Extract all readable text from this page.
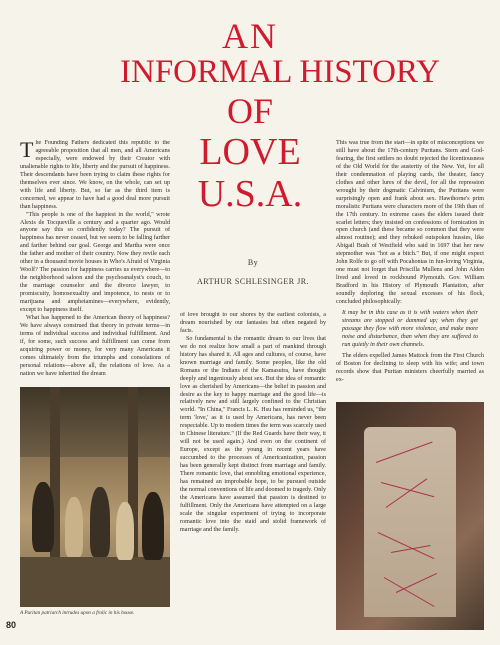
AN
INFORMAL HISTORY
OF
LOVE
U.S.A.
By
ARTHUR SCHLESINGER JR.

The Founding Fathers dedicated this republic to the agreeable proposition that all men, and all Americans especially, were endowed by their Creator with unalienable rights to life, liberty and the pursuit of happiness. Their descendants have been trying to claim these rights for themselves ever since. We know, on the whole, can set up with life and liberty. But, so far as the third item is concerned, we appear to have had a good deal more pursuit than happiness.

"This people is one of the happiest in the world," wrote Alexis de Tocqueville a century and a quarter ago. Would anyone say this so confidently today? The pursuit of happiness has never ceased, but we seem to be falling farther and farther behind our goal. George and Martha were once the father and mother of their country. Now they revile each other in a thousand movie houses in Who's Afraid of Virginia Woolf? The passion for happiness carries us everywhere—to the neighborhood saloon and the psychoanalyst's couch, to the marriage counselor and the divorce lawyer, to promiscuity, homosexuality and impotence, to nests or to marijuana and amphetamines—everywhere, evidently, except to happiness itself.

What has happened to the American theory of happiness? We have always construed that theory in private terms—in terms of individual success and individual fulfillment. And if, for some, such success and fulfillment can come from acquiring power or money, for very many Americans it comes ultimately from the triumphs and consolations of personal relations—above all, the relations of love. As a nation we have inherited the dream

of love brought to our shores by the earliest colonists, a dream nourished by our fantasies but often negated by facts.

So fundamental is the romantic dream to our lives that we do not realize how small a part of mankind through history has shared it. All ages and cultures, of course, have known marriage and family. Some peoples, like the old Romans or the Indians of the Kamasutra, have thought deeply and ingeniously about sex. But the idea of romantic love as cherished by Americans—the belief in passion and desire as the key to happy marriage and the good life—is relatively new and still largely confined to the Christian world. "In China," Francis L. K. Hsu has reminded us, "the term 'love,' as it is used by Americans, has never been respectable. Up to modern times the term was scarcely used in Chinese literature." (If the Red Guards have their way, it will not be used again.) And even on the continent of Europe, except as the young in recent years have succumbed to the processes of Americanization, passion has been generally kept distinct from marriage and family. There romantic love, that ennobling emotional experience, has remained an improbable hope, to be pursued outside the normal conventions of life and doomed to tragedy. Only the Americans have assumed that passion is destined to fulfillment. Only the Americans have attempted on a large scale the singular experiment of trying to incorporate romantic love into the staid and stolid framework of marriage and the family.

This was true from the start—in spite of misconceptions we still have about the 17th-century Puritans. Stern and God-fearing, the first settlers no doubt rejected the licentiousness of the Old World for the austerity of the New. Yet, for all their condemnation of playing cards, the theater, fancy clothes and other lures of the devil, for all the repression wrought by their dogmatic Calvinism, the Puritans were surprisingly open and frank about sex. Hawthorne's prim moralistic Puritans were characters more of the 19th than of the 17th century. In extreme cases the elders issued their scarlet letters; they insisted on confessions of fornication in open church (and these became so common that they were almost routine); and they rebuked outspoken hussies, like Abigail Bush of Westfield who said in 1697 that her new stepmother was "hot as a bitch." But, if one might expect John Rolfe to go off with Pocahontas in fun-loving Virginia, one must not forget that Priscilla Mullens and John Alden lived and loved in rockbound Plymouth. Gov. William Bradford in his History of Plymouth Plantation, after soundly deploring the sexual excesses of his flock, concluded philosophically:

It may be in this case as it is with waters when their streams are stopped or dammed up; when they get passage they flow with more violence, and make more noise and disturbance, than when they are suffered to run quietly in their own channels.

The elders expelled James Mattock from the First Church of Boston for declining to sleep with his wife; and town records show that Puritan ministers cheerfully married as ex-

A Puritan patriarch intrudes upon a frolic in his house.
80
